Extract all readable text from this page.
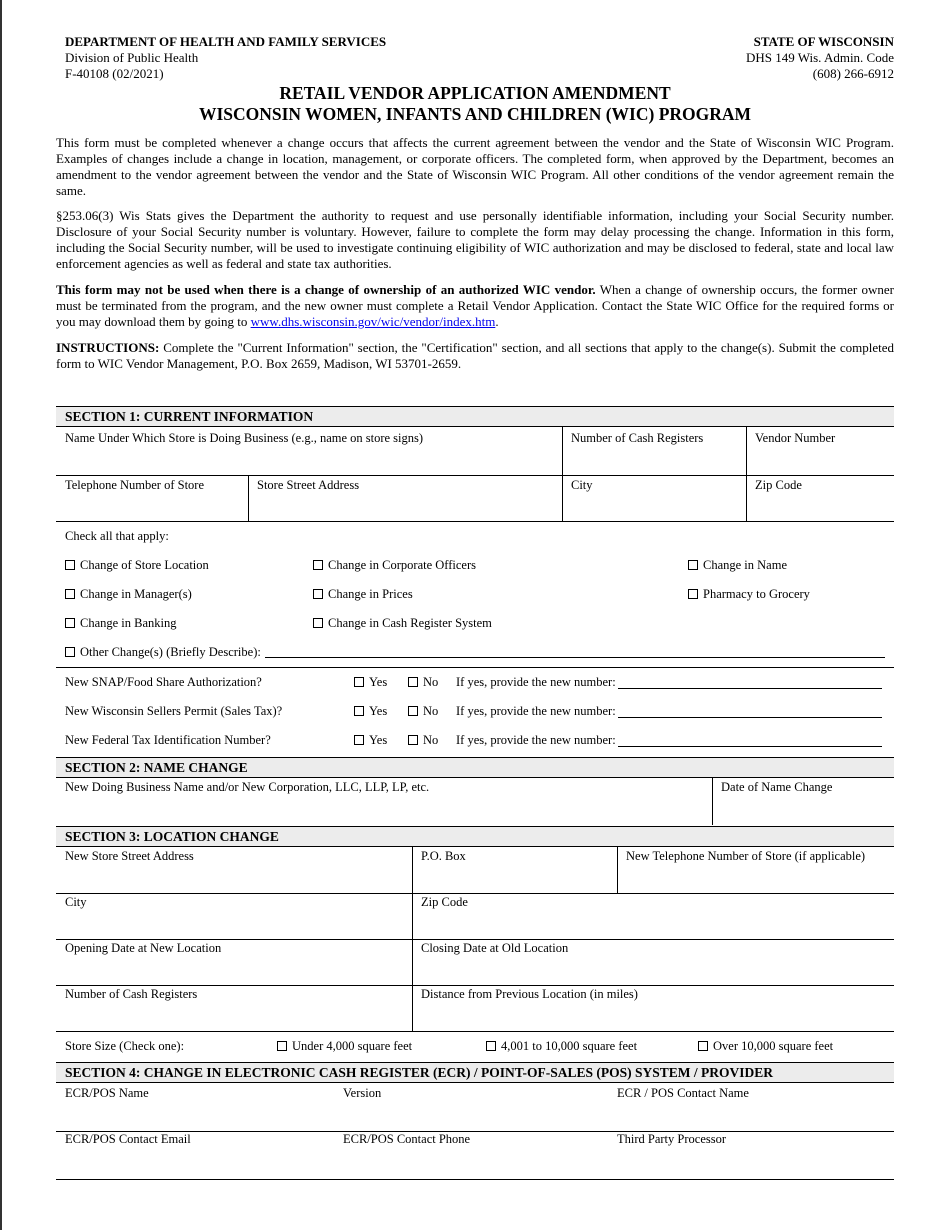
DEPARTMENT OF HEALTH AND FAMILY SERVICES
Division of Public Health
F-40108 (02/2021)
STATE OF WISCONSIN
DHS 149 Wis. Admin. Code
(608) 266-6912
RETAIL VENDOR APPLICATION AMENDMENT
WISCONSIN WOMEN, INFANTS AND CHILDREN (WIC) PROGRAM
This form must be completed whenever a change occurs that affects the current agreement between the vendor and the State of Wisconsin WIC Program. Examples of changes include a change in location, management, or corporate officers. The completed form, when approved by the Department, becomes an amendment to the vendor agreement between the vendor and the State of Wisconsin WIC Program. All other conditions of the vendor agreement remain the same.
§253.06(3) Wis Stats gives the Department the authority to request and use personally identifiable information, including your Social Security number. Disclosure of your Social Security number is voluntary. However, failure to complete the form may delay processing the change. Information in this form, including the Social Security number, will be used to investigate continuing eligibility of WIC authorization and may be disclosed to federal, state and local law enforcement agencies as well as federal and state tax authorities.
This form may not be used when there is a change of ownership of an authorized WIC vendor. When a change of ownership occurs, the former owner must be terminated from the program, and the new owner must complete a Retail Vendor Application. Contact the State WIC Office for the required forms or you may download them by going to www.dhs.wisconsin.gov/wic/vendor/index.htm.
INSTRUCTIONS: Complete the "Current Information" section, the "Certification" section, and all sections that apply to the change(s). Submit the completed form to WIC Vendor Management, P.O. Box 2659, Madison, WI 53701-2659.
SECTION 1: CURRENT INFORMATION
Name Under Which Store is Doing Business (e.g., name on store signs)	Number of Cash Registers	Vendor Number
Telephone Number of Store	Store Street Address	City	Zip Code
Check all that apply:
Change of Store Location	Change in Corporate Officers	Change in Name
Change in Manager(s)	Change in Prices	Pharmacy to Grocery
Change in Banking	Change in Cash Register System
Other Change(s) (Briefly Describe):
New SNAP/Food Share Authorization?	Yes	No If yes, provide the new number:
New Wisconsin Sellers Permit (Sales Tax)?	Yes	No If yes, provide the new number:
New Federal Tax Identification Number?	Yes	No If yes, provide the new number:
SECTION 2: NAME CHANGE
New Doing Business Name and/or New Corporation, LLC, LLP, LP, etc.	Date of Name Change
SECTION 3: LOCATION CHANGE
New Store Street Address	P.O. Box	New Telephone Number of Store (if applicable)
City	Zip Code
Opening Date at New Location	Closing Date at Old Location
Number of Cash Registers	Distance from Previous Location (in miles)
Store Size (Check one):	Under 4,000 square feet	4,001 to 10,000 square feet	Over 10,000 square feet
SECTION 4: CHANGE IN ELECTRONIC CASH REGISTER (ECR) / POINT-OF-SALES (POS) SYSTEM / PROVIDER
ECR/POS Name	Version	ECR / POS Contact Name
ECR/POS Contact Email	ECR/POS Contact Phone	Third Party Processor
